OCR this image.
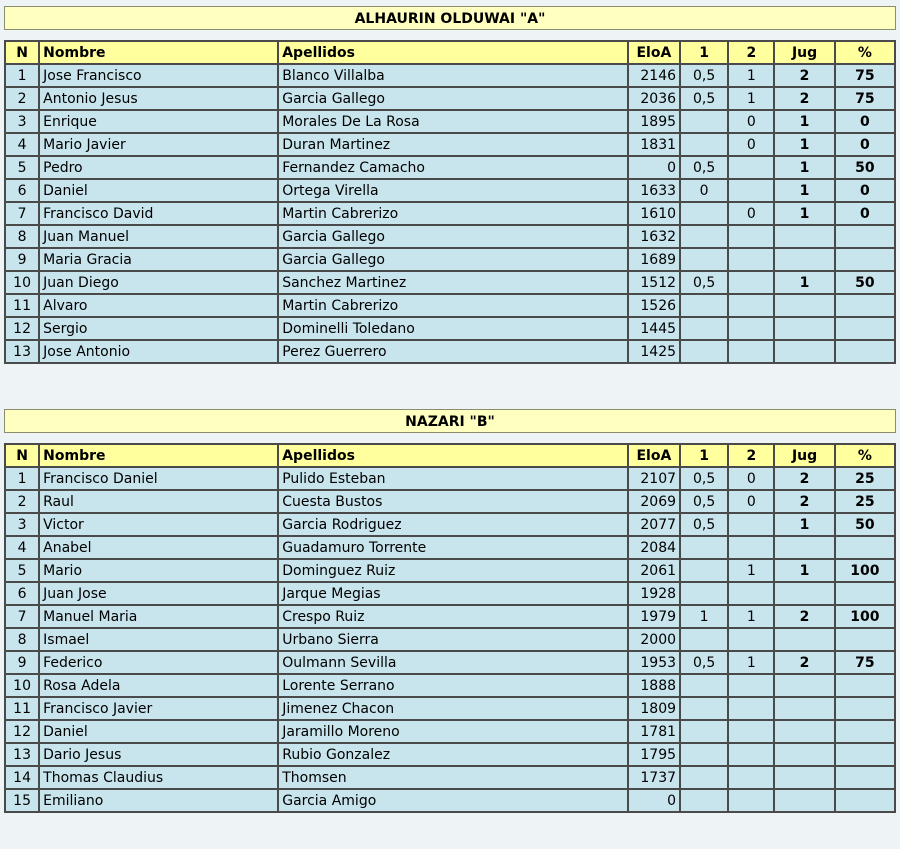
ALHAURIN OLDUWAI "A"
N	Nombre	Apellidos	EloA	1	2	Jug	%
1	Jose Francisco	Blanco Villalba	2146	0,5	1	2	75
2	Antonio Jesus	Garcia Gallego	2036	0,5	1	2	75
3	Enrique	Morales De La Rosa	1895		0	1	0
4	Mario Javier	Duran Martinez	1831		0	1	0
5	Pedro	Fernandez Camacho	0	0,5		1	50
6	Daniel	Ortega Virella	1633	0		1	0
7	Francisco David	Martin Cabrerizo	1610		0	1	0
8	Juan Manuel	Garcia Gallego	1632				
9	Maria Gracia	Garcia Gallego	1689				
10	Juan Diego	Sanchez Martinez	1512	0,5		1	50
11	Alvaro	Martin Cabrerizo	1526				
12	Sergio	Dominelli Toledano	1445				
13	Jose Antonio	Perez Guerrero	1425				
NAZARI "B"
N	Nombre	Apellidos	EloA	1	2	Jug	%
1	Francisco Daniel	Pulido Esteban	2107	0,5	0	2	25
2	Raul	Cuesta Bustos	2069	0,5	0	2	25
3	Victor	Garcia Rodriguez	2077	0,5		1	50
4	Anabel	Guadamuro Torrente	2084				
5	Mario	Dominguez Ruiz	2061		1	1	100
6	Juan Jose	Jarque Megias	1928				
7	Manuel Maria	Crespo Ruiz	1979	1	1	2	100
8	Ismael	Urbano Sierra	2000				
9	Federico	Oulmann Sevilla	1953	0,5	1	2	75
10	Rosa Adela	Lorente Serrano	1888				
11	Francisco Javier	Jimenez Chacon	1809				
12	Daniel	Jaramillo Moreno	1781				
13	Dario Jesus	Rubio Gonzalez	1795				
14	Thomas Claudius	Thomsen	1737				
15	Emiliano	Garcia Amigo	0				
